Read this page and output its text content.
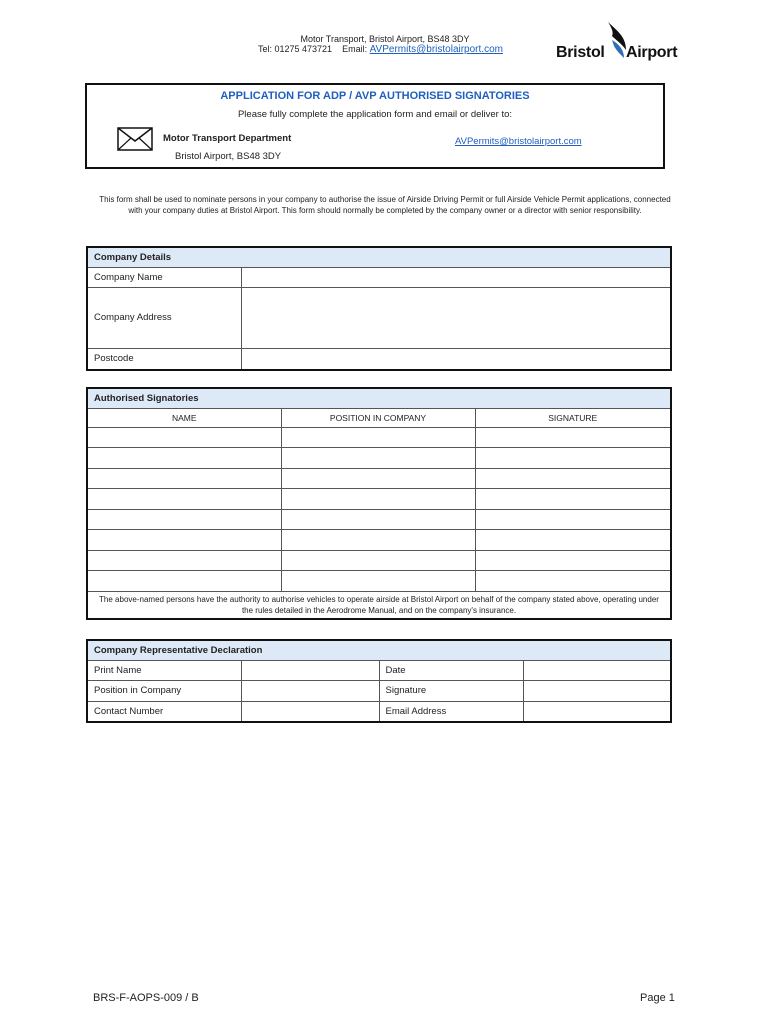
Motor Transport, Bristol Airport, BS48 3DY
Tel: 01275 473721 Email: AVPermits@bristolairport.com	Bristol Airport
APPLICATION FOR ADP / AVP AUTHORISED SIGNATORIES
Please fully complete the application form and email or deliver to:
Motor Transport Department
Bristol Airport, BS48 3DY
AVPermits@bristolairport.com
This form shall be used to nominate persons in your company to authorise the issue of Airside Driving Permit or full Airside Vehicle Permit applications, connected with your company duties at Bristol Airport. This form should normally be completed by the company owner or a director with senior responsibility.
Company Details	
Company Name	
Company Address	
Postcode	
Authorised Signatories		
NAME	POSITION IN COMPANY	SIGNATURE

The above-named persons have the authority to authorise vehicles to operate airside at Bristol Airport on behalf of the company stated above, operating under the rules detailed in the Aerodrome Manual, and on the company's insurance.		
Company Representative Declaration			
Print Name		Date	
Position in Company		Signature	
Contact Number		Email Address	
BRS-F-AOPS-009 / B	Page 1
